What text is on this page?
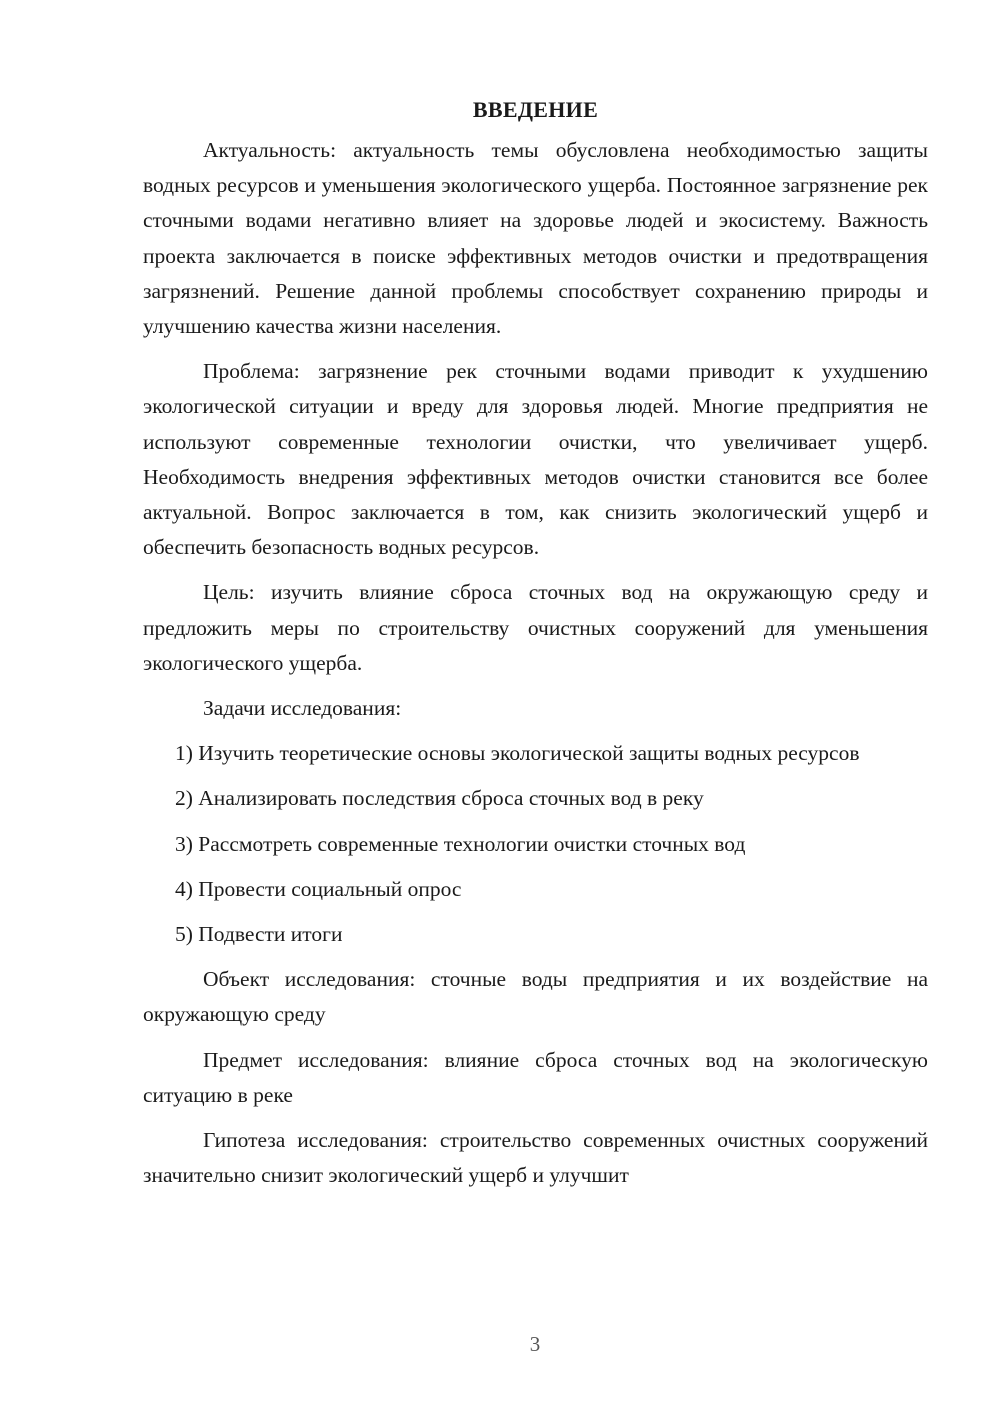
ВВЕДЕНИЕ

Актуальность: актуальность темы обусловлена необходимостью защиты водных ресурсов и уменьшения экологического ущерба. Постоянное загрязнение рек сточными водами негативно влияет на здоровье людей и экосистему. Важность проекта заключается в поиске эффективных методов очистки и предотвращения загрязнений. Решение данной проблемы способствует сохранению природы и улучшению качества жизни населения.

Проблема: загрязнение рек сточными водами приводит к ухудшению экологической ситуации и вреду для здоровья людей. Многие предприятия не используют современные технологии очистки, что увеличивает ущерб. Необходимость внедрения эффективных методов очистки становится все более актуальной. Вопрос заключается в том, как снизить экологический ущерб и обеспечить безопасность водных ресурсов.

Цель: изучить влияние сброса сточных вод на окружающую среду и предложить меры по строительству очистных сооружений для уменьшения экологического ущерба.

Задачи исследования:

1) Изучить теоретические основы экологической защиты водных ресурсов

2) Анализировать последствия сброса сточных вод в реку

3) Рассмотреть современные технологии очистки сточных вод

4) Провести социальный опрос

5) Подвести итоги

Объект исследования: сточные воды предприятия и их воздействие на окружающую среду

Предмет исследования: влияние сброса сточных вод на экологическую ситуацию в реке

Гипотеза исследования: строительство современных очистных сооружений значительно снизит экологический ущерб и улучшит

3
